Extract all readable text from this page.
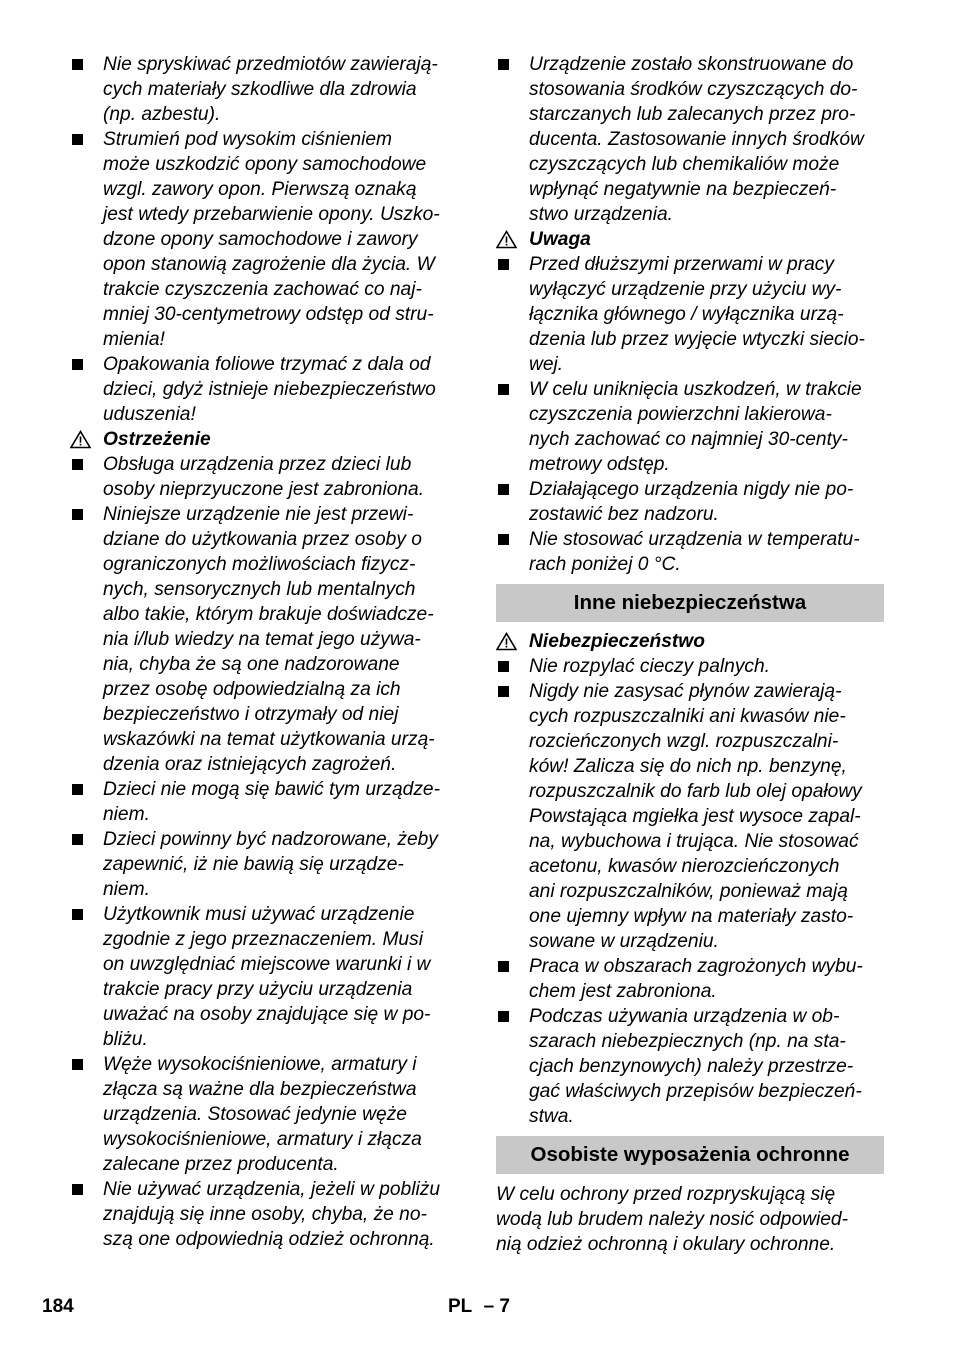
Nie spryskiwać przedmiotów zawierają-
cych materiały szkodliwe dla zdrowia
(np. azbestu).
Strumień pod wysokim ciśnieniem
może uszkodzić opony samochodowe
wzgl. zawory opon. Pierwszą oznaką
jest wtedy przebarwienie opony. Uszko-
dzone opony samochodowe i zawory
opon stanowią zagrożenie dla życia. W
trakcie czyszczenia zachować co naj-
mniej 30-centymetrowy odstęp od stru-
mienia!
Opakowania foliowe trzymać z dala od
dzieci, gdyż istnieje niebezpieczeństwo
uduszenia!
Ostrzeżenie
Obsługa urządzenia przez dzieci lub
osoby nieprzyuczone jest zabroniona.
Niniejsze urządzenie nie jest przewi-
dziane do użytkowania przez osoby o
ograniczonych możliwościach fizycz-
nych, sensorycznych lub mentalnych
albo takie, którym brakuje doświadcze-
nia i/lub wiedzy na temat jego używa-
nia, chyba że są one nadzorowane
przez osobę odpowiedzialną za ich
bezpieczeństwo i otrzymały od niej
wskazówki na temat użytkowania urzą-
dzenia oraz istniejących zagrożeń.
Dzieci nie mogą się bawić tym urządze-
niem.
Dzieci powinny być nadzorowane, żeby
zapewnić, iż nie bawią się urządze-
niem.
Użytkownik musi używać urządzenie
zgodnie z jego przeznaczeniem. Musi
on uwzględniać miejscowe warunki i w
trakcie pracy przy użyciu urządzenia
uważać na osoby znajdujące się w po-
bliżu.
Węże wysokociśnieniowe, armatury i
złącza są ważne dla bezpieczeństwa
urządzenia. Stosować jedynie węże
wysokociśnieniowe, armatury i złącza
zalecane przez producenta.
Nie używać urządzenia, jeżeli w pobliżu
znajdują się inne osoby, chyba, że no-
szą one odpowiednią odzież ochronną.
Urządzenie zostało skonstruowane do
stosowania środków czyszczących do-
starczanych lub zalecanych przez pro-
ducenta. Zastosowanie innych środków
czyszczących lub chemikaliów może
wpłynąć negatywnie na bezpieczeń-
stwo urządzenia.
Uwaga
Przed dłuższymi przerwami w pracy
wyłączyć urządzenie przy użyciu wy-
łącznika głównego / wyłącznika urzą-
dzenia lub przez wyjęcie wtyczki siecio-
wej.
W celu uniknięcia uszkodzeń, w trakcie
czyszczenia powierzchni lakierowa-
nych zachować co najmniej 30-centy-
metrowy odstęp.
Działającego urządzenia nigdy nie po-
zostawić bez nadzoru.
Nie stosować urządzenia w temperatu-
rach poniżej 0 °C.
Inne niebezpieczeństwa
Niebezpieczeństwo
Nie rozpylać cieczy palnych.
Nigdy nie zasysać płynów zawierają-
cych rozpuszczalniki ani kwasów nie-
rozcieńczonych wzgl. rozpuszczalni-
ków! Zalicza się do nich np. benzynę,
rozpuszczalnik do farb lub olej opałowy
Powstająca mgiełka jest wysoce zapal-
na, wybuchowa i trująca. Nie stosować
acetonu, kwasów nierozcieńczonych
ani rozpuszczalników, ponieważ mają
one ujemny wpływ na materiały zasto-
sowane w urządzeniu.
Praca w obszarach zagrożonych wybu-
chem jest zabroniona.
Podczas używania urządzenia w ob-
szarach niebezpiecznych (np. na sta-
cjach benzynowych) należy przestrze-
gać właściwych przepisów bezpieczeń-
stwa.
Osobiste wyposażenia ochronne
W celu ochrony przed rozpryskującą się
wodą lub brudem należy nosić odpowied-
nią odzież ochronną i okulary ochronne.
184	PL – 7
